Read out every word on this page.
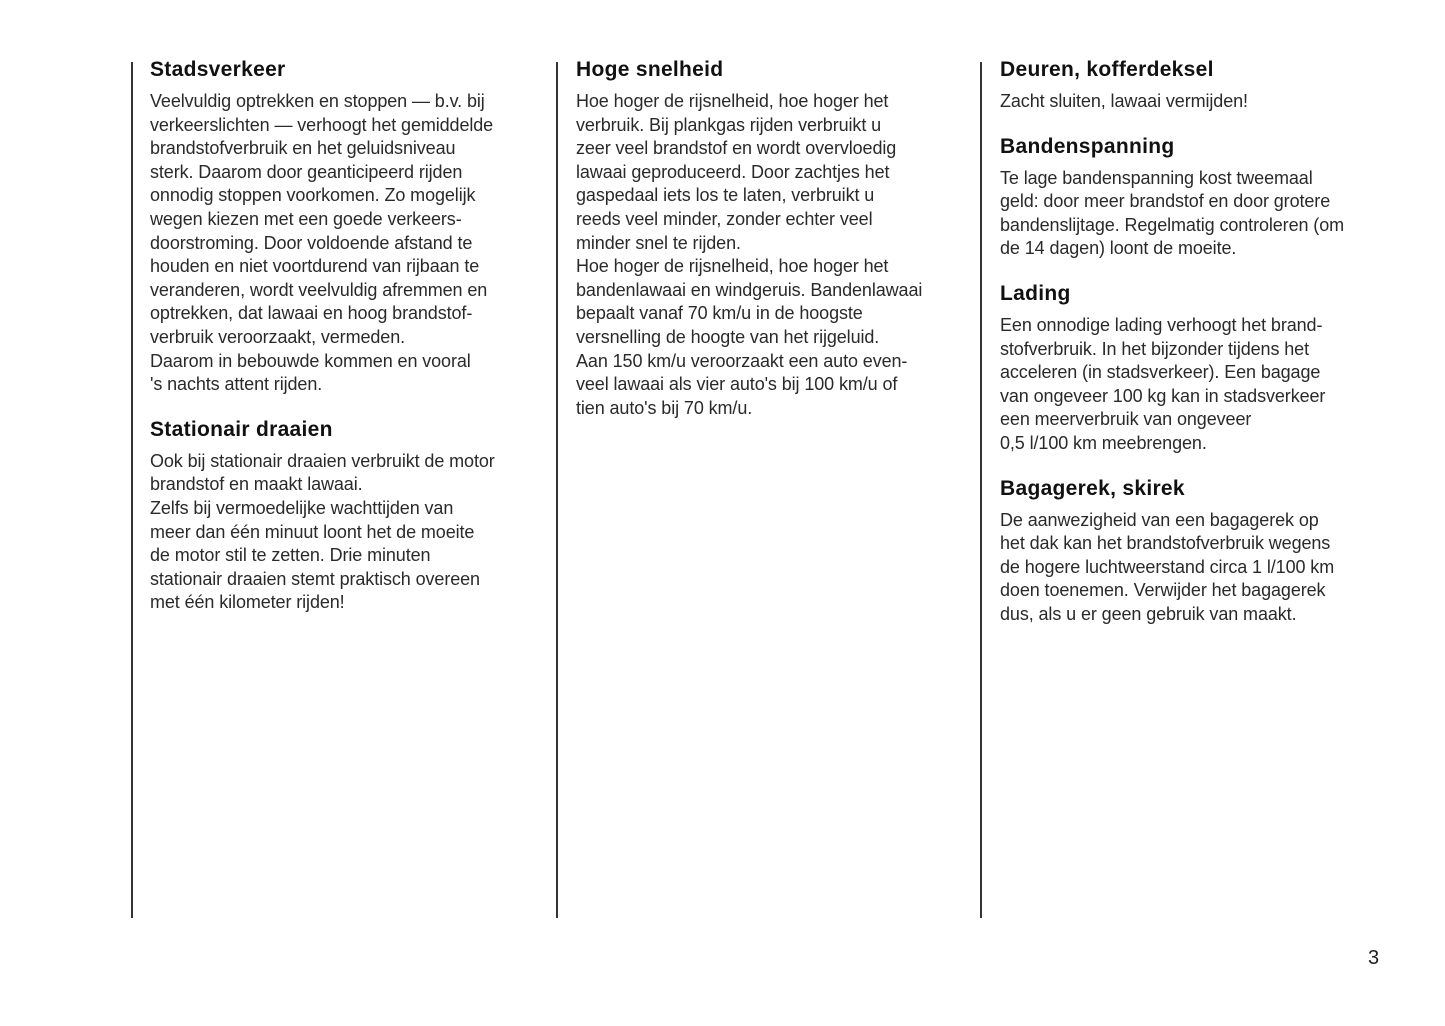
Stadsverkeer
Veelvuldig optrekken en stoppen — b.v. bij
verkeerslichten — verhoogt het gemiddelde
brandstofverbruik en het geluidsniveau
sterk. Daarom door geanticipeerd rijden
onnodig stoppen voorkomen. Zo mogelijk
wegen kiezen met een goede verkeers-
doorstroming. Door voldoende afstand te
houden en niet voortdurend van rijbaan te
veranderen, wordt veelvuldig afremmen en
optrekken, dat lawaai en hoog brandstof-
verbruik veroorzaakt, vermeden.
Daarom in bebouwde kommen en vooral
's nachts attent rijden.
Stationair draaien
Ook bij stationair draaien verbruikt de motor
brandstof en maakt lawaai.
Zelfs bij vermoedelijke wachttijden van
meer dan één minuut loont het de moeite
de motor stil te zetten. Drie minuten
stationair draaien stemt praktisch overeen
met één kilometer rijden!
Hoge snelheid
Hoe hoger de rijsnelheid, hoe hoger het
verbruik. Bij plankgas rijden verbruikt u
zeer veel brandstof en wordt overvloedig
lawaai geproduceerd. Door zachtjes het
gaspedaal iets los te laten, verbruikt u
reeds veel minder, zonder echter veel
minder snel te rijden.
Hoe hoger de rijsnelheid, hoe hoger het
bandenlawaai en windgeruis. Bandenlawaai
bepaalt vanaf 70 km/u in de hoogste
versnelling de hoogte van het rijgeluid.
Aan 150 km/u veroorzaakt een auto even-
veel lawaai als vier auto's bij 100 km/u of
tien auto's bij 70 km/u.
Deuren, kofferdeksel
Zacht sluiten, lawaai vermijden!
Bandenspanning
Te lage bandenspanning kost tweemaal
geld: door meer brandstof en door grotere
bandenslijtage. Regelmatig controleren (om
de 14 dagen) loont de moeite.
Lading
Een onnodige lading verhoogt het brand-
stofverbruik. In het bijzonder tijdens het
acceleren (in stadsverkeer). Een bagage
van ongeveer 100 kg kan in stadsverkeer
een meerverbruik van ongeveer
0,5 l/100 km meebrengen.
Bagagerek, skirek
De aanwezigheid van een bagagerek op
het dak kan het brandstofverbruik wegens
de hogere luchtweerstand circa 1 l/100 km
doen toenemen. Verwijder het bagagerek
dus, als u er geen gebruik van maakt.
3
